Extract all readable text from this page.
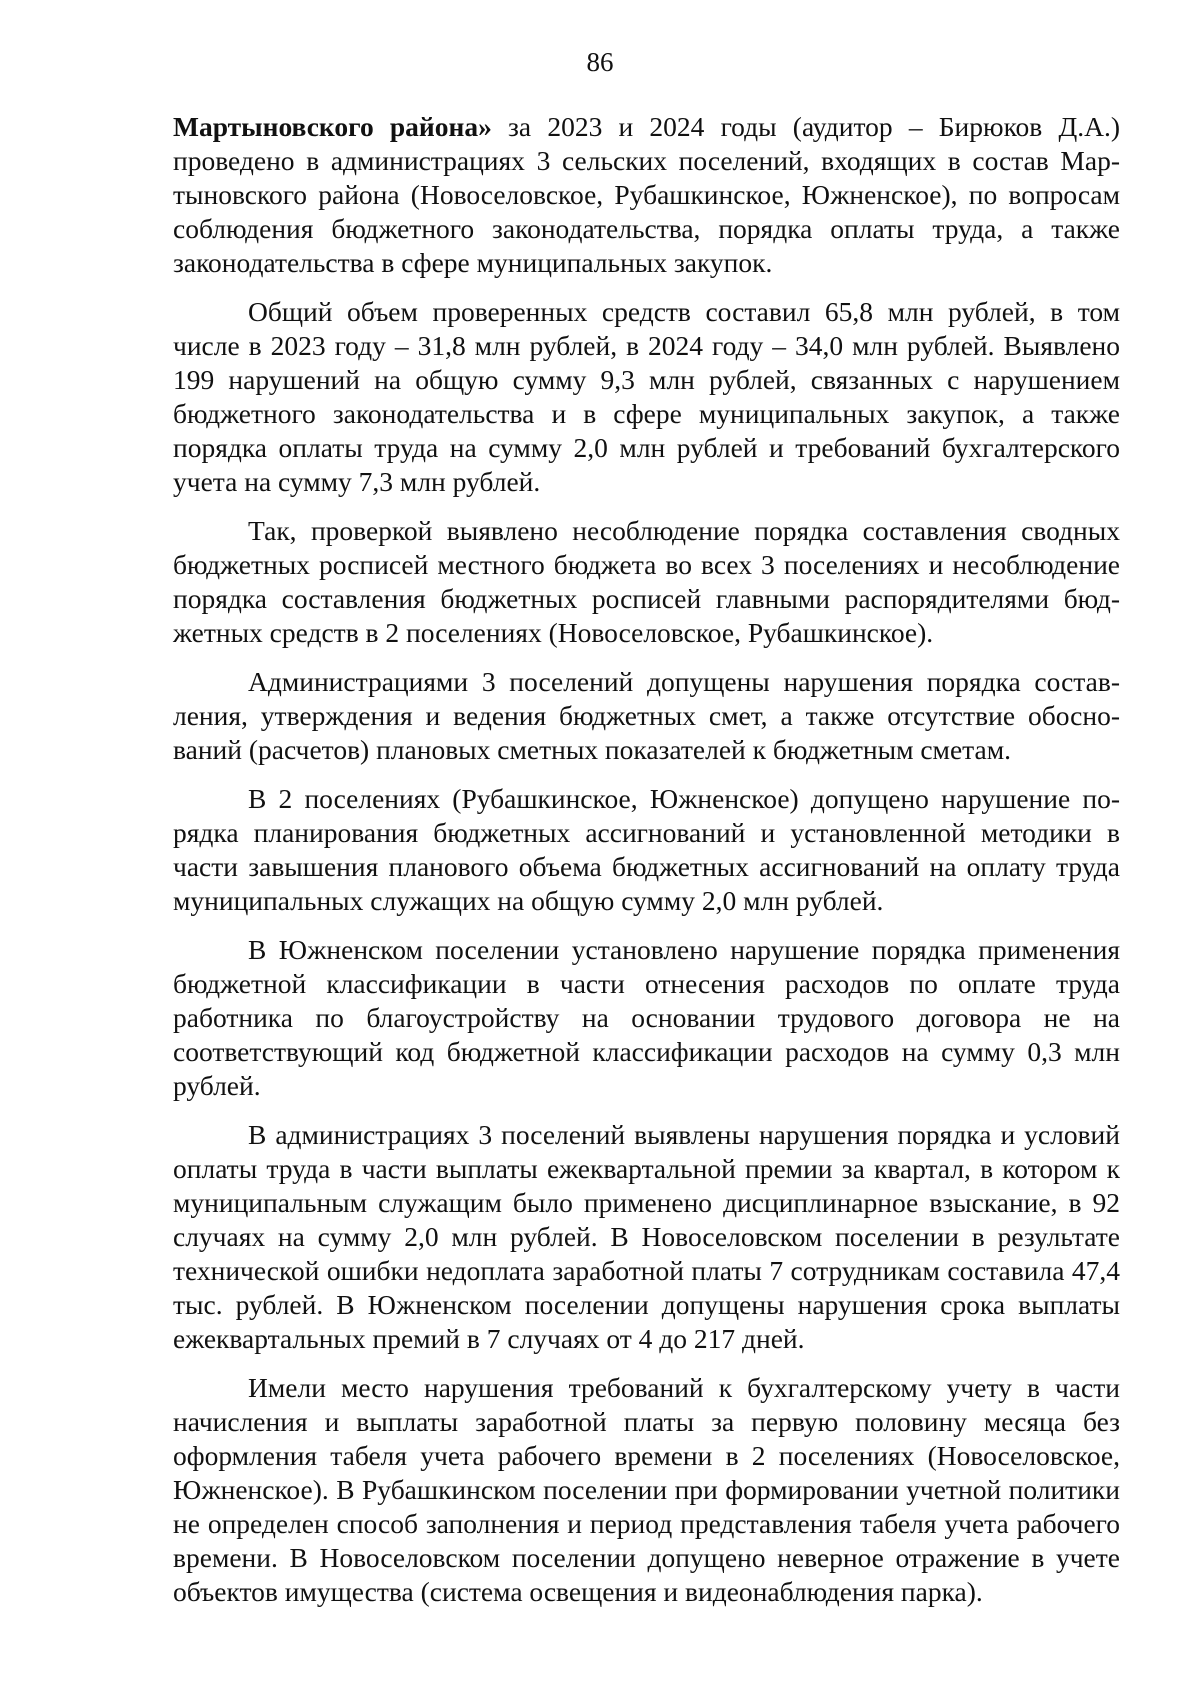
86

Мартыновского района» за 2023 и 2024 годы (аудитор – Бирюков Д.А.) проведено в администрациях 3 сельских поселений, входящих в состав Мартыновского района (Новоселовское, Рубашкинское, Южненское), по вопросам соблюдения бюджетного законодательства, порядка оплаты труда, а также законодательства в сфере муниципальных закупок.

Общий объем проверенных средств составил 65,8 млн рублей, в том числе в 2023 году – 31,8 млн рублей, в 2024 году – 34,0 млн рублей. Выявлено 199 нарушений на общую сумму 9,3 млн рублей, связанных с нарушением бюджетного законодательства и в сфере муниципальных закупок, а также порядка оплаты труда на сумму 2,0 млн рублей и требований бухгалтерского учета на сумму 7,3 млн рублей.

Так, проверкой выявлено несоблюдение порядка составления сводных бюджетных росписей местного бюджета во всех 3 поселениях и несоблюдение порядка составления бюджетных росписей главными распорядителями бюджетных средств в 2 поселениях (Новоселовское, Рубашкинское).

Администрациями 3 поселений допущены нарушения порядка составления, утверждения и ведения бюджетных смет, а также отсутствие обоснований (расчетов) плановых сметных показателей к бюджетным сметам.

В 2 поселениях (Рубашкинское, Южненское) допущено нарушение порядка планирования бюджетных ассигнований и установленной методики в части завышения планового объема бюджетных ассигнований на оплату труда муниципальных служащих на общую сумму 2,0 млн рублей.

В Южненском поселении установлено нарушение порядка применения бюджетной классификации в части отнесения расходов по оплате труда работника по благоустройству на основании трудового договора не на соответствующий код бюджетной классификации расходов на сумму 0,3 млн рублей.

В администрациях 3 поселений выявлены нарушения порядка и условий оплаты труда в части выплаты ежеквартальной премии за квартал, в котором к муниципальным служащим было применено дисциплинарное взыскание, в 92 случаях на сумму 2,0 млн рублей. В Новоселовском поселении в результате технической ошибки недоплата заработной платы 7 сотрудникам составила 47,4 тыс. рублей. В Южненском поселении допущены нарушения срока выплаты ежеквартальных премий в 7 случаях от 4 до 217 дней.

Имели место нарушения требований к бухгалтерскому учету в части начисления и выплаты заработной платы за первую половину месяца без оформления табеля учета рабочего времени в 2 поселениях (Новоселовское, Южненское). В Рубашкинском поселении при формировании учетной политики не определен способ заполнения и период представления табеля учета рабочего времени. В Новоселовском поселении допущено неверное отражение в учете объектов имущества (система освещения и видеонаблюдения парка).
